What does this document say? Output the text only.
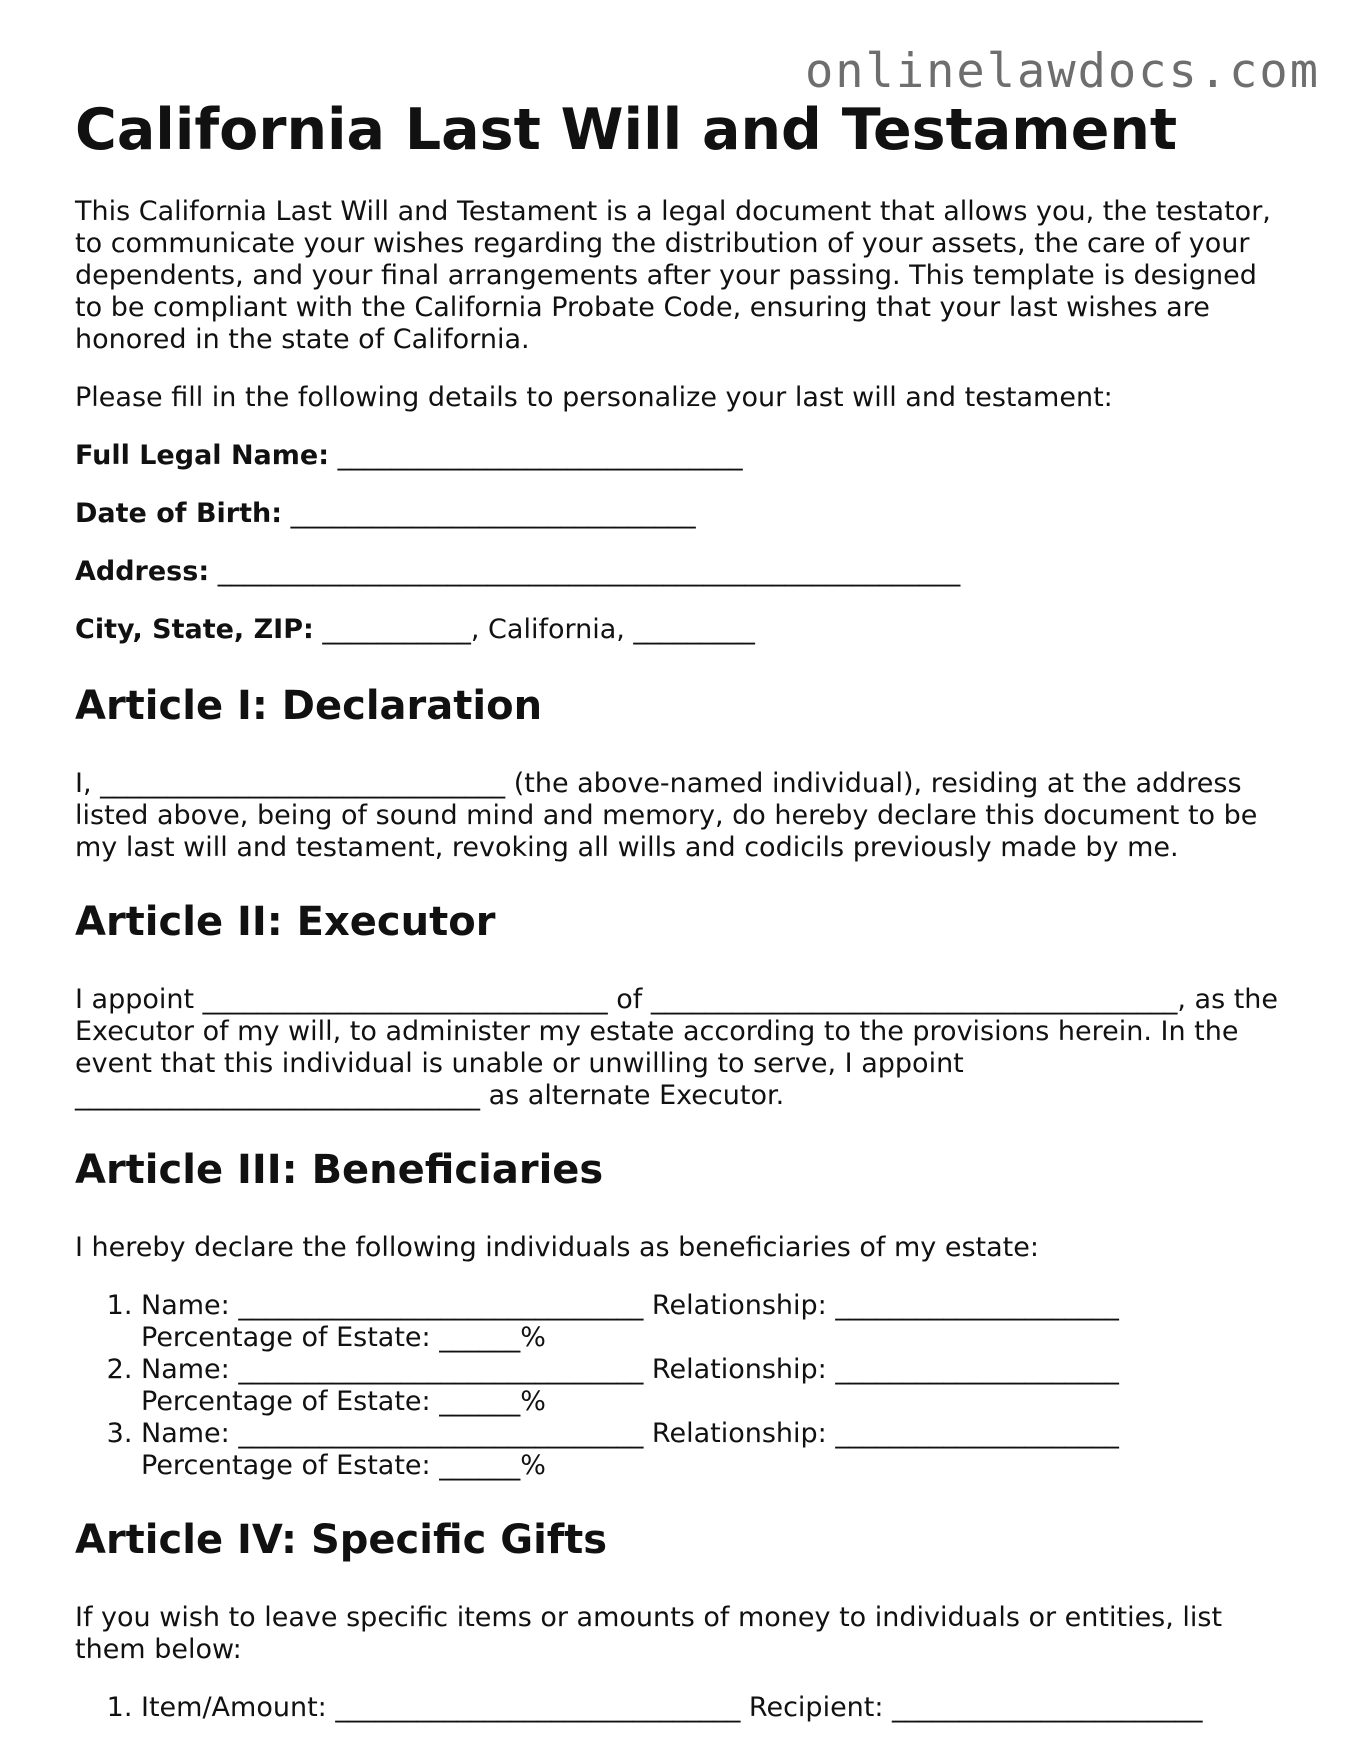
onlinelawdocs.com
California Last Will and Testament

This California Last Will and Testament is a legal document that allows you, the testator, to communicate your wishes regarding the distribution of your assets, the care of your dependents, and your final arrangements after your passing. This template is designed to be compliant with the California Probate Code, ensuring that your last wishes are honored in the state of California.

Please fill in the following details to personalize your last will and testament:

Full Legal Name: ______________________________

Date of Birth: ______________________________

Address: _______________________________________________________

City, State, ZIP: ___________, California, _________

Article I: Declaration

I, ______________________________ (the above-named individual), residing at the address listed above, being of sound mind and memory, do hereby declare this document to be my last will and testament, revoking all wills and codicils previously made by me.

Article II: Executor

I appoint ______________________________ of _______________________________________, as the Executor of my will, to administer my estate according to the provisions herein. In the event that this individual is unable or unwilling to serve, I appoint ______________________________ as alternate Executor.

Article III: Beneficiaries

I hereby declare the following individuals as beneficiaries of my estate:

1. Name: ______________________________ Relationship: _____________________
Percentage of Estate: ______%
2. Name: ______________________________ Relationship: _____________________
Percentage of Estate: ______%
3. Name: ______________________________ Relationship: _____________________
Percentage of Estate: ______%
Article IV: Specific Gifts

If you wish to leave specific items or amounts of money to individuals or entities, list them below:

1. Item/Amount: ______________________________ Recipient: _______________________
